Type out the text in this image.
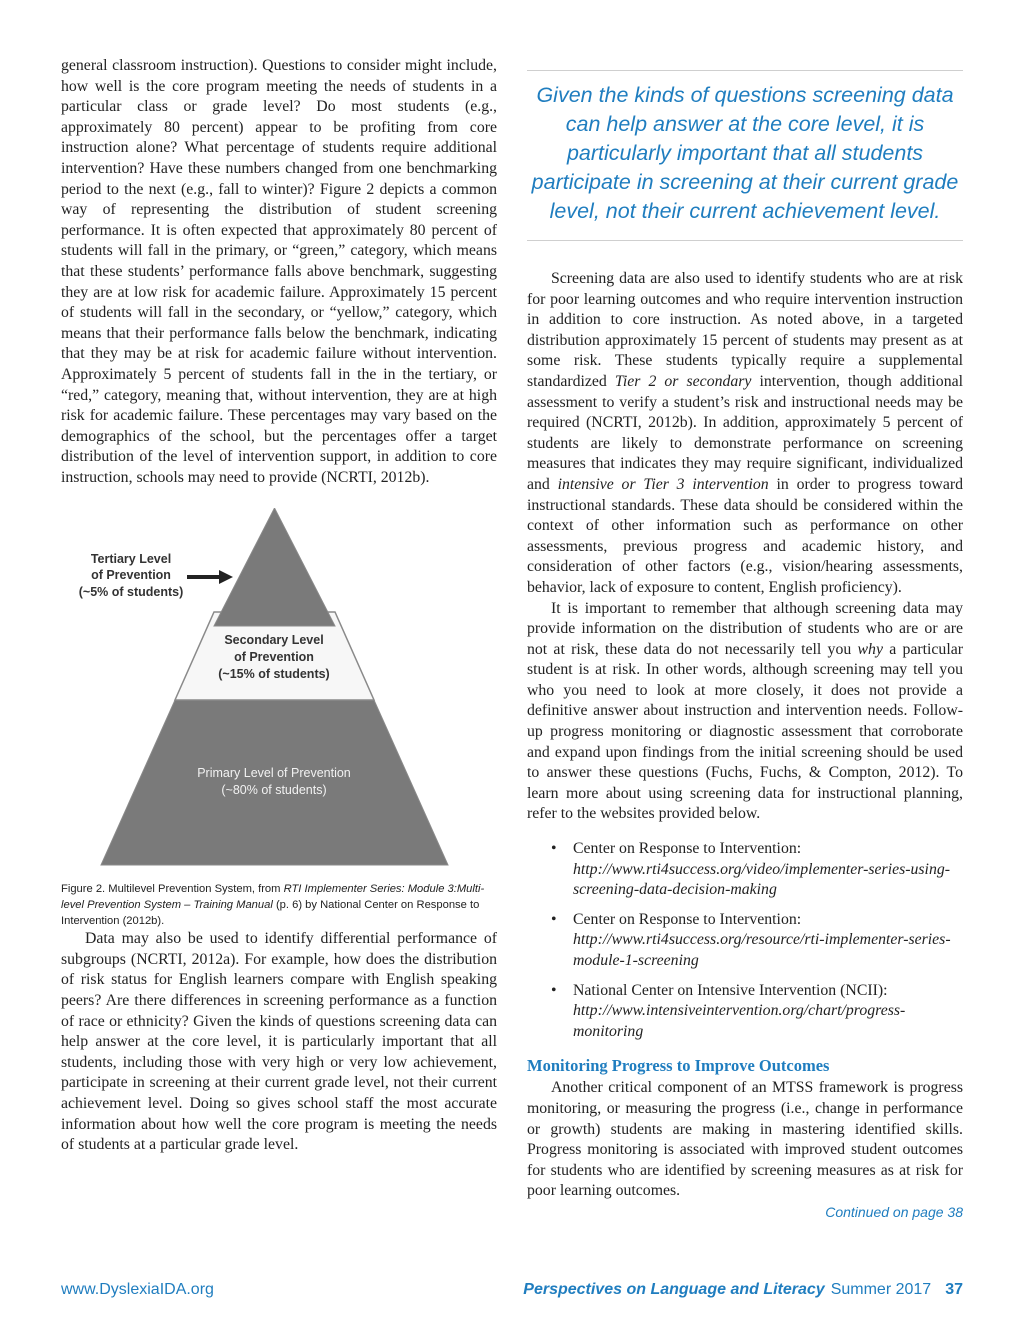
general classroom instruction). Questions to consider might include, how well is the core program meeting the needs of students in a particular class or grade level? Do most students (e.g., approximately 80 percent) appear to be profiting from core instruction alone? What percentage of students require additional intervention? Have these numbers changed from one benchmarking period to the next (e.g., fall to winter)? Figure 2 depicts a common way of representing the distribution of student screening performance. It is often expected that approximately 80 percent of students will fall in the primary, or “green,” category, which means that these students’ performance falls above benchmark, suggesting they are at low risk for academic failure. Approximately 15 percent of students will fall in the secondary, or “yellow,” category, which means that their performance falls below the benchmark, indicating that they may be at risk for academic failure without intervention. Approximately 5 percent of students fall in the in the tertiary, or “red,” category, meaning that, without intervention, they are at high risk for academic failure. These percentages may vary based on the demographics of the school, but the percentages offer a target distribution of the level of intervention support, in addition to core instruction, schools may need to provide (NCRTI, 2012b).

Tertiary Level
of Prevention
(~5% of students)
Secondary Level
of Prevention
(~15% of students)
Primary Level of Prevention
(~80% of students)

Figure 2. Multilevel Prevention System, from RTI Implementer Series: Module 3:Multi-level Prevention System – Training Manual (p. 6) by National Center on Response to Intervention (2012b).

Data may also be used to identify differential performance of subgroups (NCRTI, 2012a). For example, how does the distribution of risk status for English learners compare with English speaking peers? Are there differences in screening performance as a function of race or ethnicity? Given the kinds of questions screening data can help answer at the core level, it is particularly important that all students, including those with very high or very low achievement, participate in screening at their current grade level, not their current achievement level. Doing so gives school staff the most accurate information about how well the core program is meeting the needs of students at a particular grade level.

Given the kinds of questions screening data can help answer at the core level, it is particularly important that all students participate in screening at their current grade level, not their current achievement level.

Screening data are also used to identify students who are at risk for poor learning outcomes and who require intervention instruction in addition to core instruction. As noted above, in a targeted distribution approximately 15 percent of students may present as at some risk. These students typically require a supplemental standardized Tier 2 or secondary intervention, though additional assessment to verify a student’s risk and instructional needs may be required (NCRTI, 2012b). In addition, approximately 5 percent of students are likely to demonstrate performance on screening measures that indicates they may require significant, individualized and intensive or Tier 3 intervention in order to progress toward instructional standards. These data should be considered within the context of other information such as performance on other assessments, previous progress and academic history, and consideration of other factors (e.g., vision/hearing assessments, behavior, lack of exposure to content, English proficiency).

It is important to remember that although screening data may provide information on the distribution of students who are or are not at risk, these data do not necessarily tell you why a particular student is at risk. In other words, although screening may tell you who you need to look at more closely, it does not provide a definitive answer about instruction and intervention needs. Follow-up progress monitoring or diagnostic assessment that corroborate and expand upon findings from the initial screening should be used to answer these questions (Fuchs, Fuchs, & Compton, 2012). To learn more about using screening data for instructional planning, refer to the websites provided below.

• Center on Response to Intervention:
http://www.rti4success.org/video/implementer-series-using-screening-data-decision-making
• Center on Response to Intervention:
http://www.rti4success.org/resource/rti-implementer-series-module-1-screening
• National Center on Intensive Intervention (NCII):
http://www.intensiveintervention.org/chart/progress-monitoring
Monitoring Progress to Improve Outcomes

Another critical component of an MTSS framework is progress monitoring, or measuring the progress (i.e., change in performance or growth) students are making in mastering identified skills. Progress monitoring is associated with improved student outcomes for students who are identified by screening measures as at risk for poor learning outcomes.

Continued on page 38
www.DyslexiaIDA.org	Perspectives on Language and Literacy Summer 2017 37
